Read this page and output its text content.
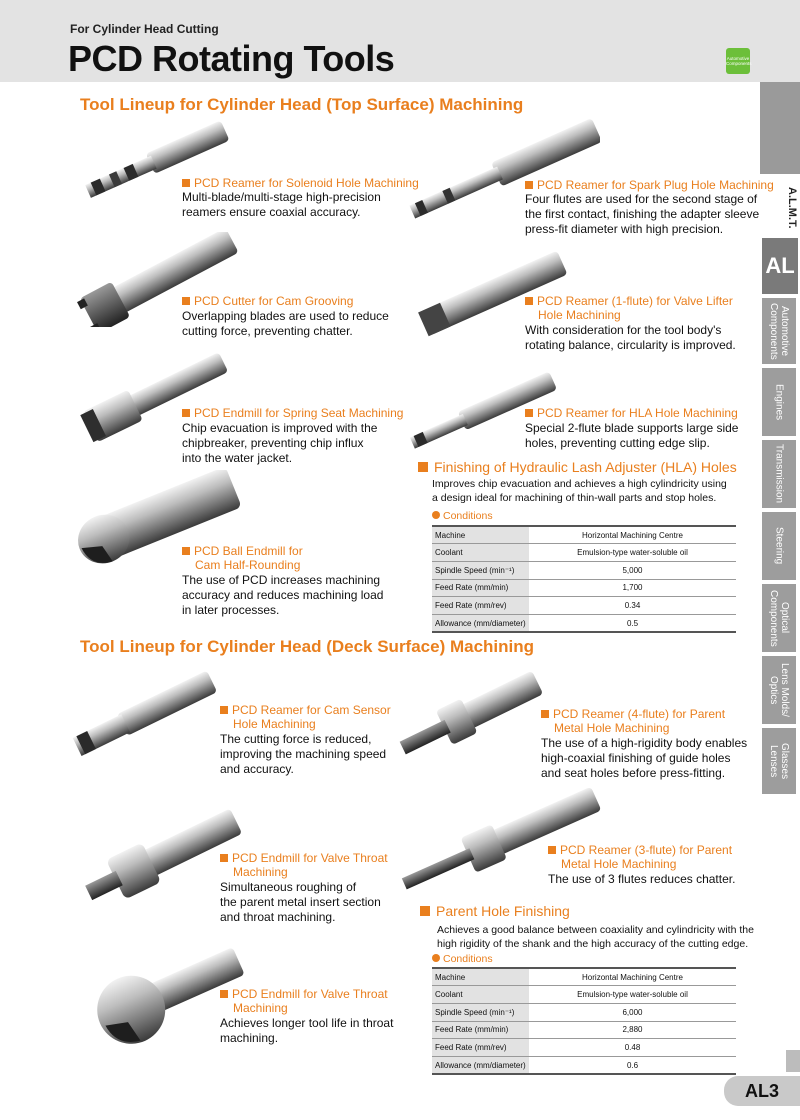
For Cylinder Head Cutting
PCD Rotating Tools	Automotive
Components
A.L.M.T.
AL
Automotive Components
Engines
Transmission
Steering
Optical Components
Lens Molds/ Optics
Glasses Lenses
Tool Lineup for Cylinder Head (Top Surface) Machining
PCD Reamer for Solenoid Hole Machining
Multi-blade/multi-stage high-precision
reamers ensure coaxial accuracy.
PCD Reamer for Spark Plug Hole Machining
Four flutes are used for the second stage of
the first contact, finishing the adapter sleeve
press-fit diameter with high precision.
PCD Cutter for Cam Grooving
Overlapping blades are used to reduce
cutting force, preventing chatter.
PCD Reamer (1-flute) for Valve Lifter
Hole Machining
With consideration for the tool body's
rotating balance, circularity is improved.
PCD Endmill for Spring Seat Machining
Chip evacuation is improved with the
chipbreaker, preventing chip influx
into the water jacket.
PCD Reamer for HLA Hole Machining
Special 2-flute blade supports large side
holes, preventing cutting edge slip.
PCD Ball Endmill for
Cam Half-Rounding
The use of PCD increases machining
accuracy and reduces machining load
in later processes.
Finishing of Hydraulic Lash Adjuster (HLA) Holes
Improves chip evacuation and achieves a high cylindricity using
a design ideal for machining of thin-wall parts and stop holes.
Conditions
Machine	Horizontal Machining Centre
Coolant	Emulsion-type water-soluble oil
Spindle Speed (min⁻¹)	5,000
Feed Rate (mm/min)	1,700
Feed Rate (mm/rev)	0.34
Allowance (mm/diameter)	0.5
Tool Lineup for Cylinder Head (Deck Surface) Machining
PCD Reamer for Cam Sensor
Hole Machining
The cutting force is reduced,
improving the machining speed
and accuracy.
PCD Reamer (4-flute) for Parent
Metal Hole Machining
The use of a high-rigidity body enables
high-coaxial finishing of guide holes
and seat holes before press-fitting.
PCD Endmill for Valve Throat
Machining
Simultaneous roughing of
the parent metal insert section
and throat machining.
PCD Reamer (3-flute) for Parent
Metal Hole Machining
The use of 3 flutes reduces chatter.
PCD Endmill for Valve Throat
Machining
Achieves longer tool life in throat
machining.
Parent Hole Finishing
Achieves a good balance between coaxiality and cylindricity with the
high rigidity of the shank and the high accuracy of the cutting edge.
Conditions
Machine	Horizontal Machining Centre
Coolant	Emulsion-type water-soluble oil
Spindle Speed (min⁻¹)	6,000
Feed Rate (mm/min)	2,880
Feed Rate (mm/rev)	0.48
Allowance (mm/diameter)	0.6
AL3
